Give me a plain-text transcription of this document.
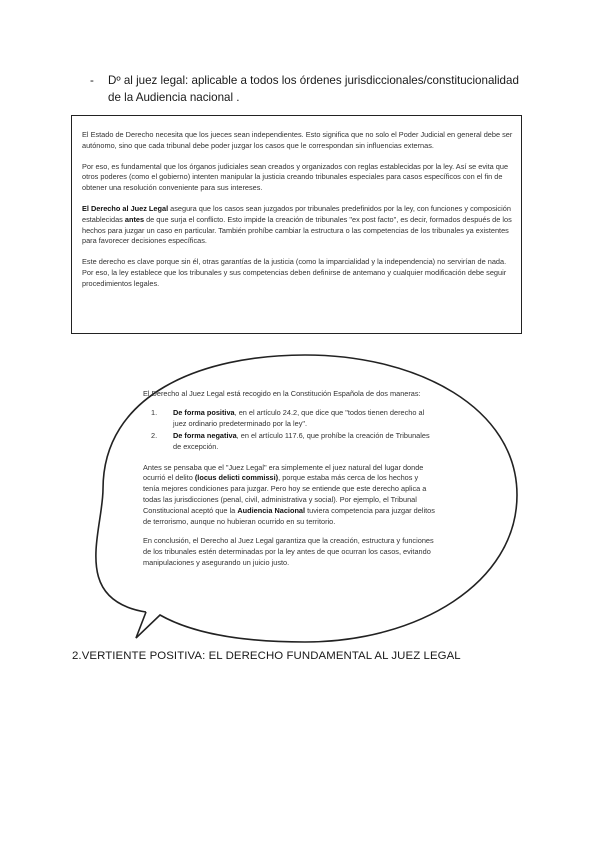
- Dº al juez legal: aplicable a todos los órdenes jurisdiccionales/constitucionalidad de la Audiencia nacional .

El Estado de Derecho necesita que los jueces sean independientes. Esto significa que no solo el Poder Judicial en general debe ser autónomo, sino que cada tribunal debe poder juzgar los casos que le correspondan sin influencias externas.

Por eso, es fundamental que los órganos judiciales sean creados y organizados con reglas establecidas por la ley. Así se evita que otros poderes (como el gobierno) intenten manipular la justicia creando tribunales especiales para casos específicos con el fin de obtener una resolución conveniente para sus intereses.

El Derecho al Juez Legal asegura que los casos sean juzgados por tribunales predefinidos por la ley, con funciones y composición establecidas antes de que surja el conflicto. Esto impide la creación de tribunales "ex post facto", es decir, formados después de los hechos para juzgar un caso en particular. También prohíbe cambiar la estructura o las competencias de los tribunales ya existentes para favorecer decisiones específicas.

Este derecho es clave porque sin él, otras garantías de la justicia (como la imparcialidad y la independencia) no servirían de nada. Por eso, la ley establece que los tribunales y sus competencias deben definirse de antemano y cualquier modificación debe seguir procedimientos legales.

El Derecho al Juez Legal está recogido en la Constitución Española de dos maneras:

1. De forma positiva, en el artículo 24.2, que dice que "todos tienen derecho al juez ordinario predeterminado por la ley".
2. De forma negativa, en el artículo 117.6, que prohíbe la creación de Tribunales de excepción.

Antes se pensaba que el "Juez Legal" era simplemente el juez natural del lugar donde ocurrió el delito (locus delicti commissi), porque estaba más cerca de los hechos y tenía mejores condiciones para juzgar. Pero hoy se entiende que este derecho aplica a todas las jurisdicciones (penal, civil, administrativa y social). Por ejemplo, el Tribunal Constitucional aceptó que la Audiencia Nacional tuviera competencia para juzgar delitos de terrorismo, aunque no hubieran ocurrido en su territorio.

En conclusión, el Derecho al Juez Legal garantiza que la creación, estructura y funciones de los tribunales estén determinadas por la ley antes de que ocurran los casos, evitando manipulaciones y asegurando un juicio justo.

2.VERTIENTE POSITIVA: EL DERECHO FUNDAMENTAL AL JUEZ LEGAL
